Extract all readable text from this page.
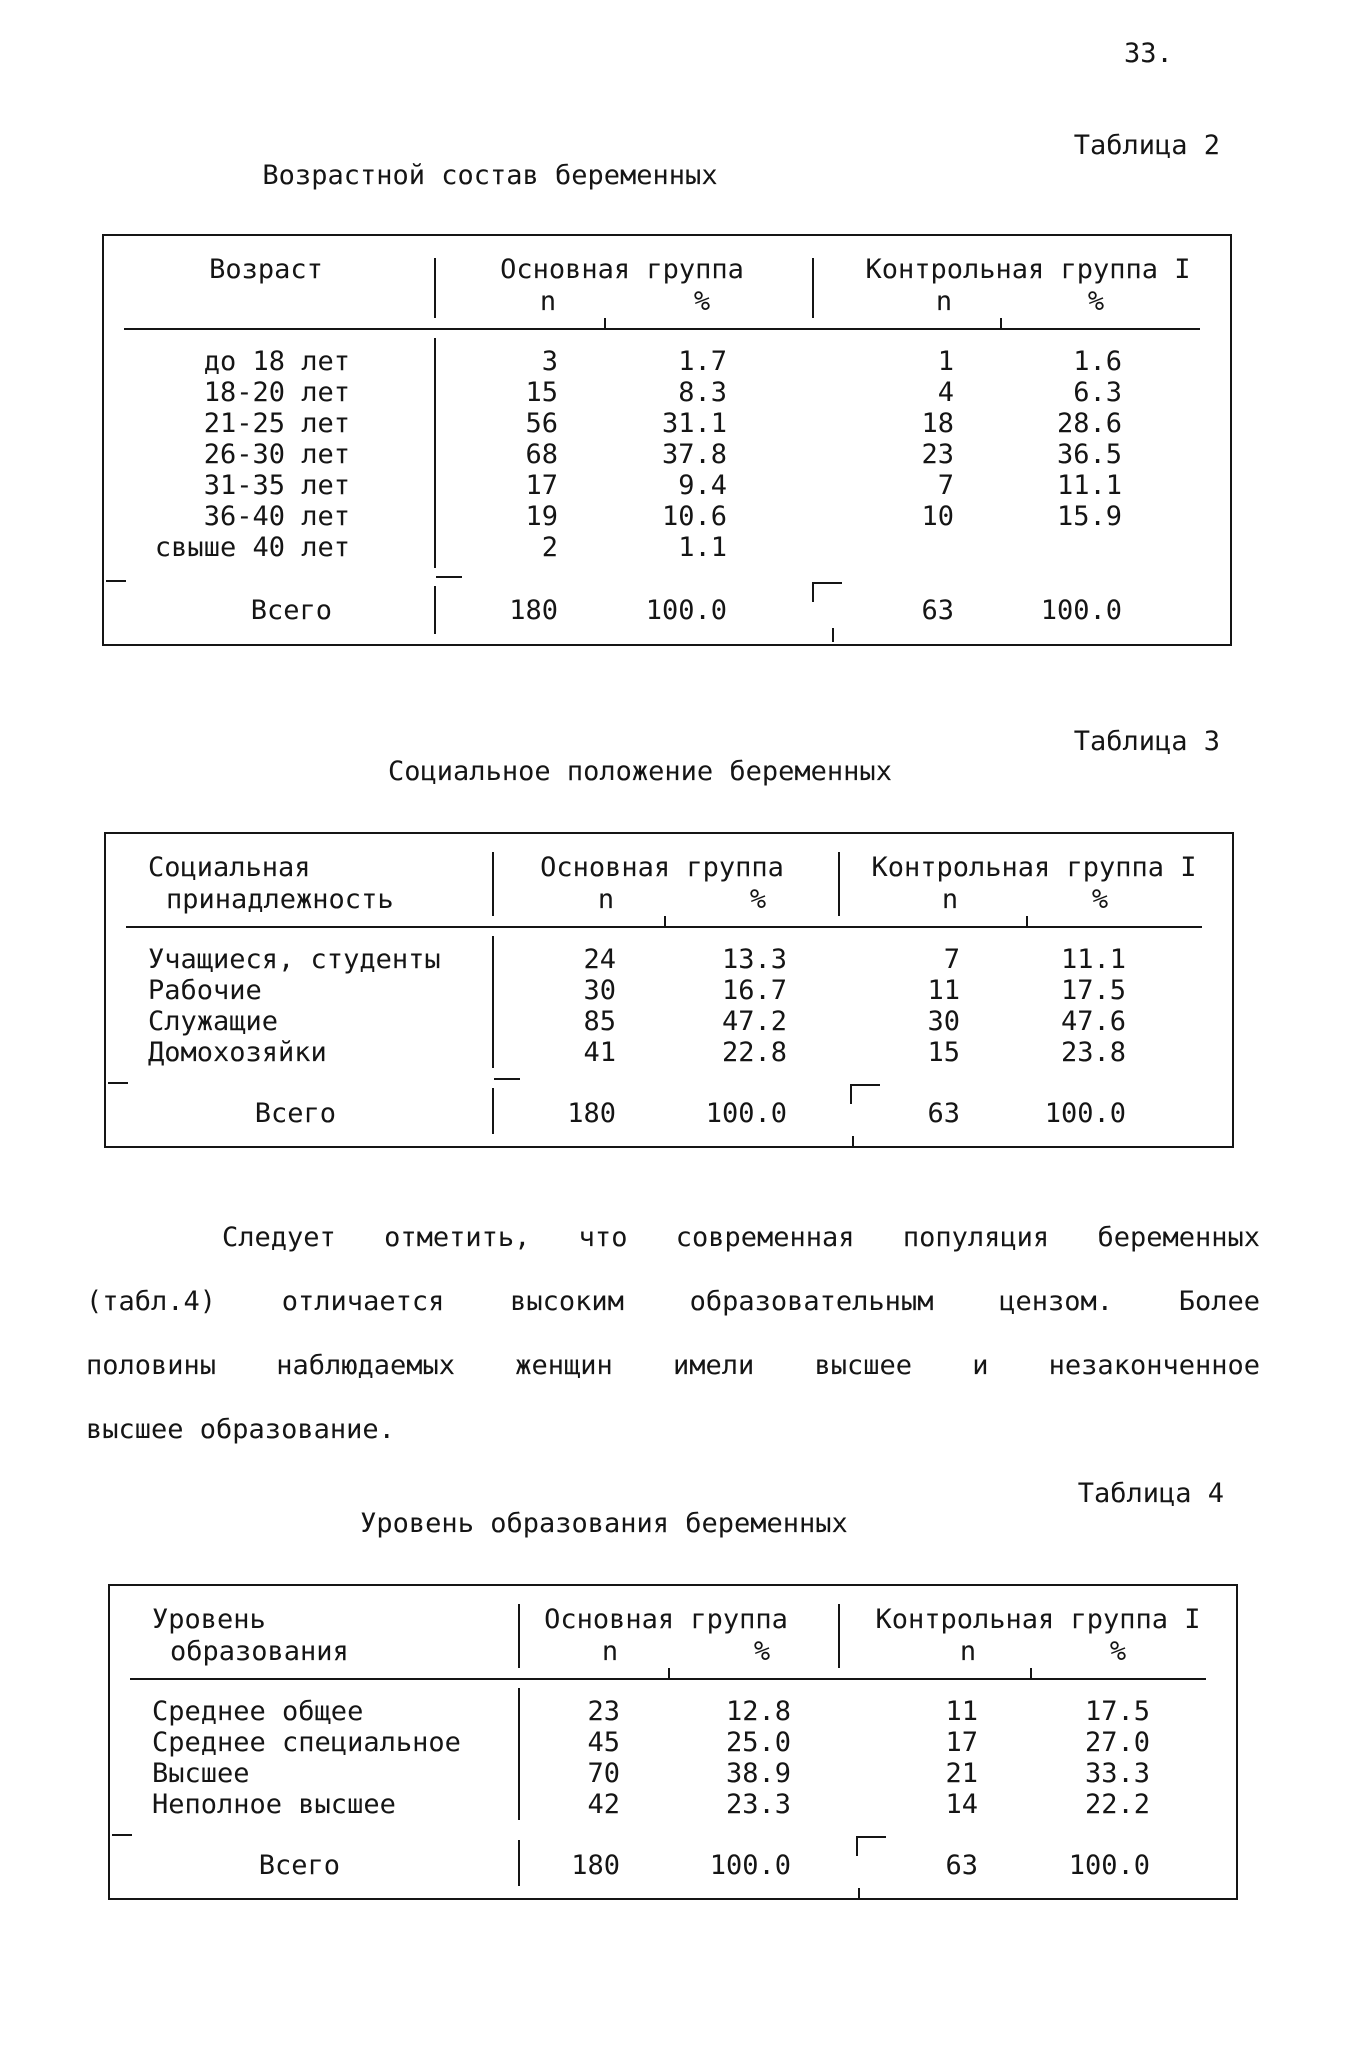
33.
Таблица 2
Возрастной состав беременных
Возраст	Основная группа	Контрольная группа I
n	%	n	%
до 18 лет	3	1.7	1	1.6
18-20 лет	15	8.3	4	6.3
21-25 лет	56	31.1	18	28.6
26-30 лет	68	37.8	23	36.5
31-35 лет	17	9.4	7	11.1
36-40 лет	19	10.6	10	15.9
свыше 40 лет	2	1.1
Всего	180	100.0	63	100.0
Таблица 3
Социальное положение беременных
Социальная
принадлежность
Основная группа	Контрольная группа I
n	%	n	%
Учащиеся, студенты	24	13.3	7	11.1
Рабочие	30	16.7	11	17.5
Служащие	85	47.2	30	47.6
Домохозяйки	41	22.8	15	23.8
Всего	180	100.0	63	100.0
Следует отметить, что современная популяция беременных
(табл.4) отличается высоким образовательным цензом. Более
половины наблюдаемых женщин имели высшее и незаконченное
высшее образование.
Таблица 4
Уровень образования беременных
Уровень
образования
Основная группа	Контрольная группа I
n	%	n	%
Среднее общее	23	12.8	11	17.5
Среднее специальное	45	25.0	17	27.0
Высшее	70	38.9	21	33.3
Неполное высшее	42	23.3	14	22.2
Всего	180	100.0	63	100.0
